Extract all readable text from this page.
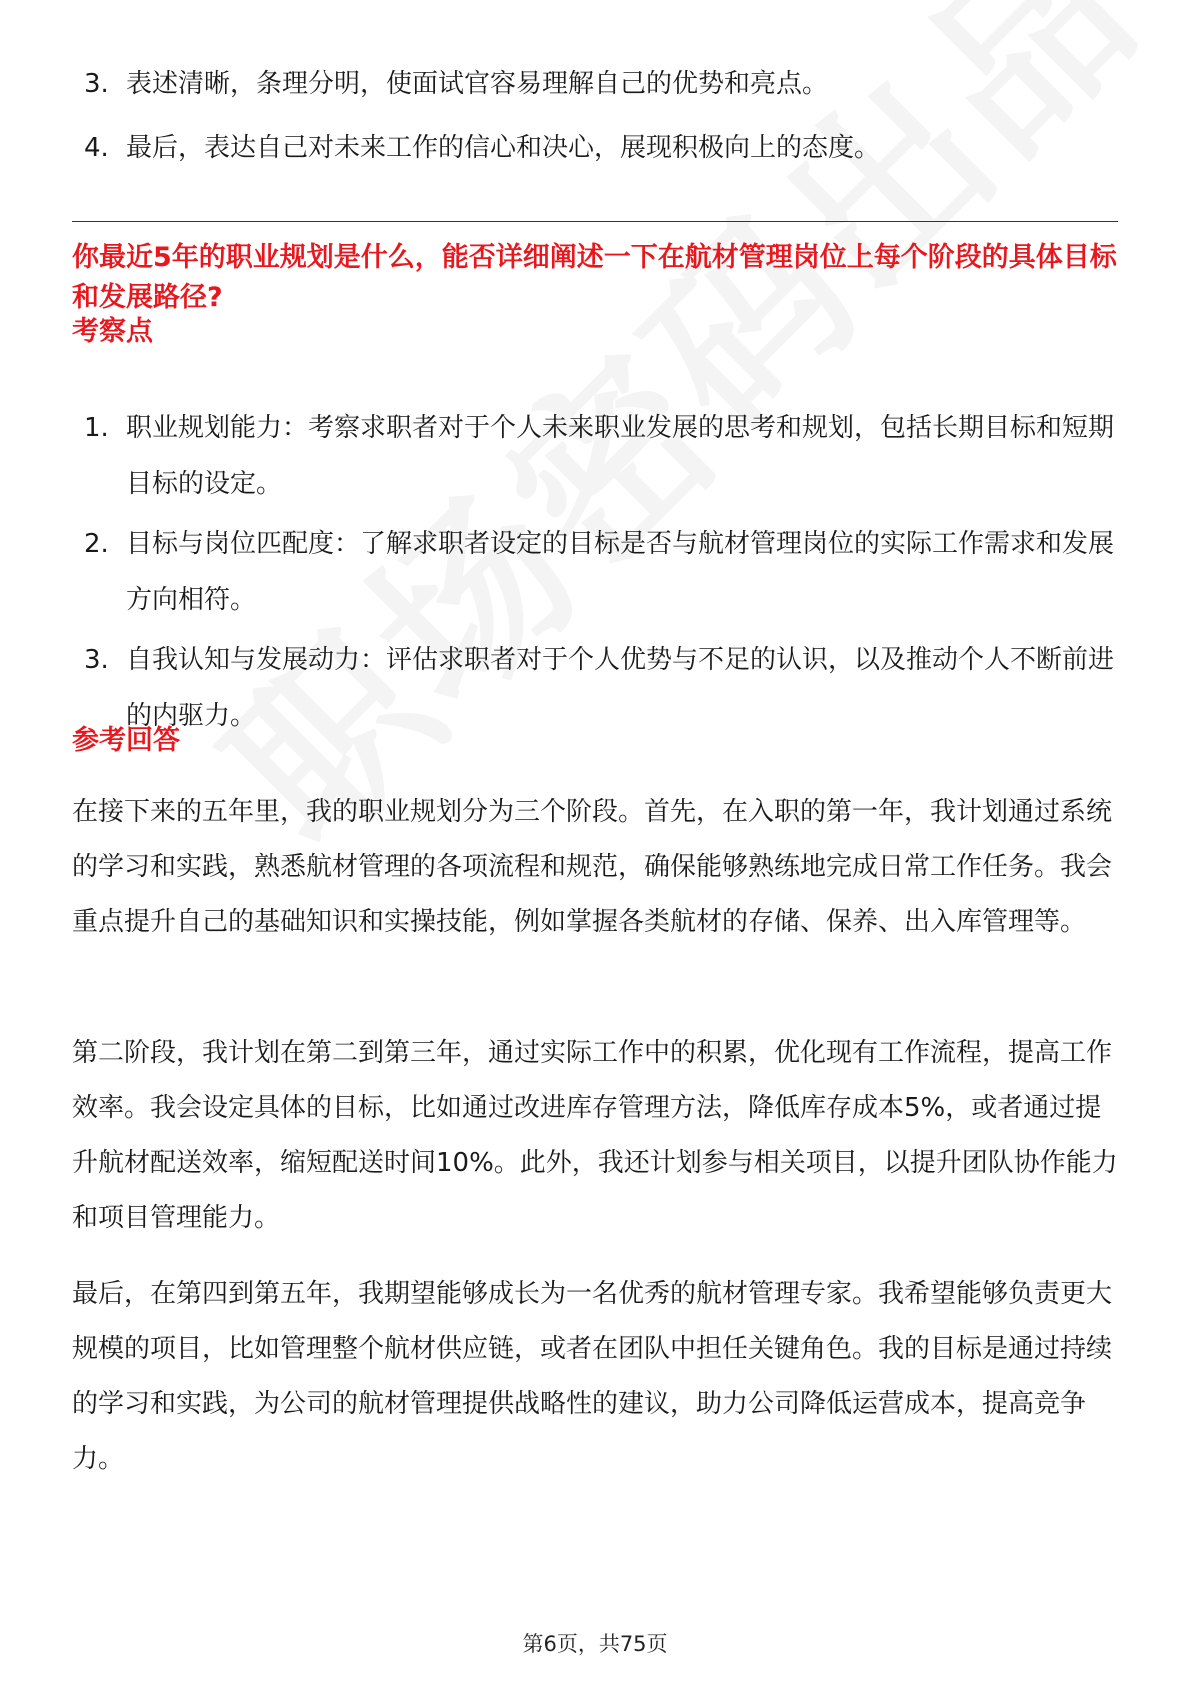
3. 表述清晰，条理分明，使面试官容易理解自己的优势和亮点。
4. 最后，表达自己对未来工作的信心和决心，展现积极向上的态度。
你最近5年的职业规划是什么，能否详细阐述一下在航材管理岗位上每个阶段的具体目标和发展路径?
考察点
1. 职业规划能力：考察求职者对于个人未来职业发展的思考和规划，包括长期目标和短期目标的设定。
2. 目标与岗位匹配度：了解求职者设定的目标是否与航材管理岗位的实际工作需求和发展方向相符。
3. 自我认知与发展动力：评估求职者对于个人优势与不足的认识，以及推动个人不断前进的内驱力。
参考回答

在接下来的五年里，我的职业规划分为三个阶段。首先，在入职的第一年，我计划通过系统的学习和实践，熟悉航材管理的各项流程和规范，确保能够熟练地完成日常工作任务。我会重点提升自己的基础知识和实操技能，例如掌握各类航材的存储、保养、出入库管理等。

第二阶段，我计划在第二到第三年，通过实际工作中的积累，优化现有工作流程，提高工作效率。我会设定具体的目标，比如通过改进库存管理方法，降低库存成本5%，或者通过提升航材配送效率，缩短配送时间10%。此外，我还计划参与相关项目，以提升团队协作能力和项目管理能力。

最后，在第四到第五年，我期望能够成长为一名优秀的航材管理专家。我希望能够负责更大规模的项目，比如管理整个航材供应链，或者在团队中担任关键角色。我的目标是通过持续的学习和实践，为公司的航材管理提供战略性的建议，助力公司降低运营成本，提高竞争力。

第6页，共75页
